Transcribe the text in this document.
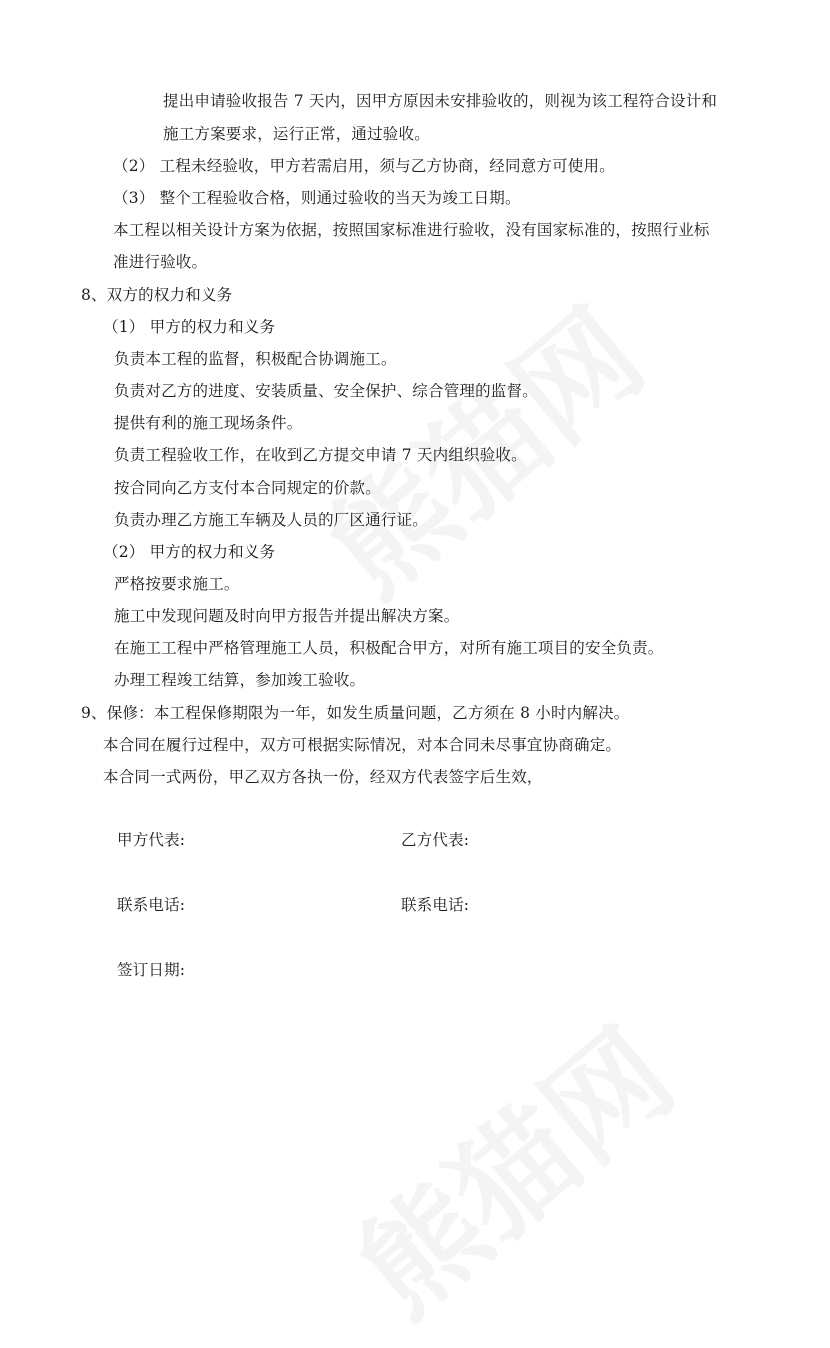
提出申请验收报告 7 天内，因甲方原因未安排验收的，则视为该工程符合设计和
施工方案要求，运行正常，通过验收。
（2） 工程未经验收，甲方若需启用，须与乙方协商，经同意方可使用。
（3） 整个工程验收合格，则通过验收的当天为竣工日期。
本工程以相关设计方案为依据，按照国家标准进行验收，没有国家标准的，按照行业标
准进行验收。
8、双方的权力和义务
（1） 甲方的权力和义务
负责本工程的监督，积极配合协调施工。
负责对乙方的进度、安装质量、安全保护、综合管理的监督。
提供有利的施工现场条件。
负责工程验收工作，在收到乙方提交申请 7 天内组织验收。
按合同向乙方支付本合同规定的价款。
负责办理乙方施工车辆及人员的厂区通行证。
（2） 甲方的权力和义务
严格按要求施工。
施工中发现问题及时向甲方报告并提出解决方案。
在施工工程中严格管理施工人员，积极配合甲方，对所有施工项目的安全负责。
办理工程竣工结算，参加竣工验收。
9、保修：本工程保修期限为一年，如发生质量问题，乙方须在 8 小时内解决。
本合同在履行过程中，双方可根据实际情况，对本合同未尽事宜协商确定。
本合同一式两份，甲乙双方各执一份，经双方代表签字后生效，
甲方代表:	乙方代表:
联系电话:	联系电话:
签订日期:
